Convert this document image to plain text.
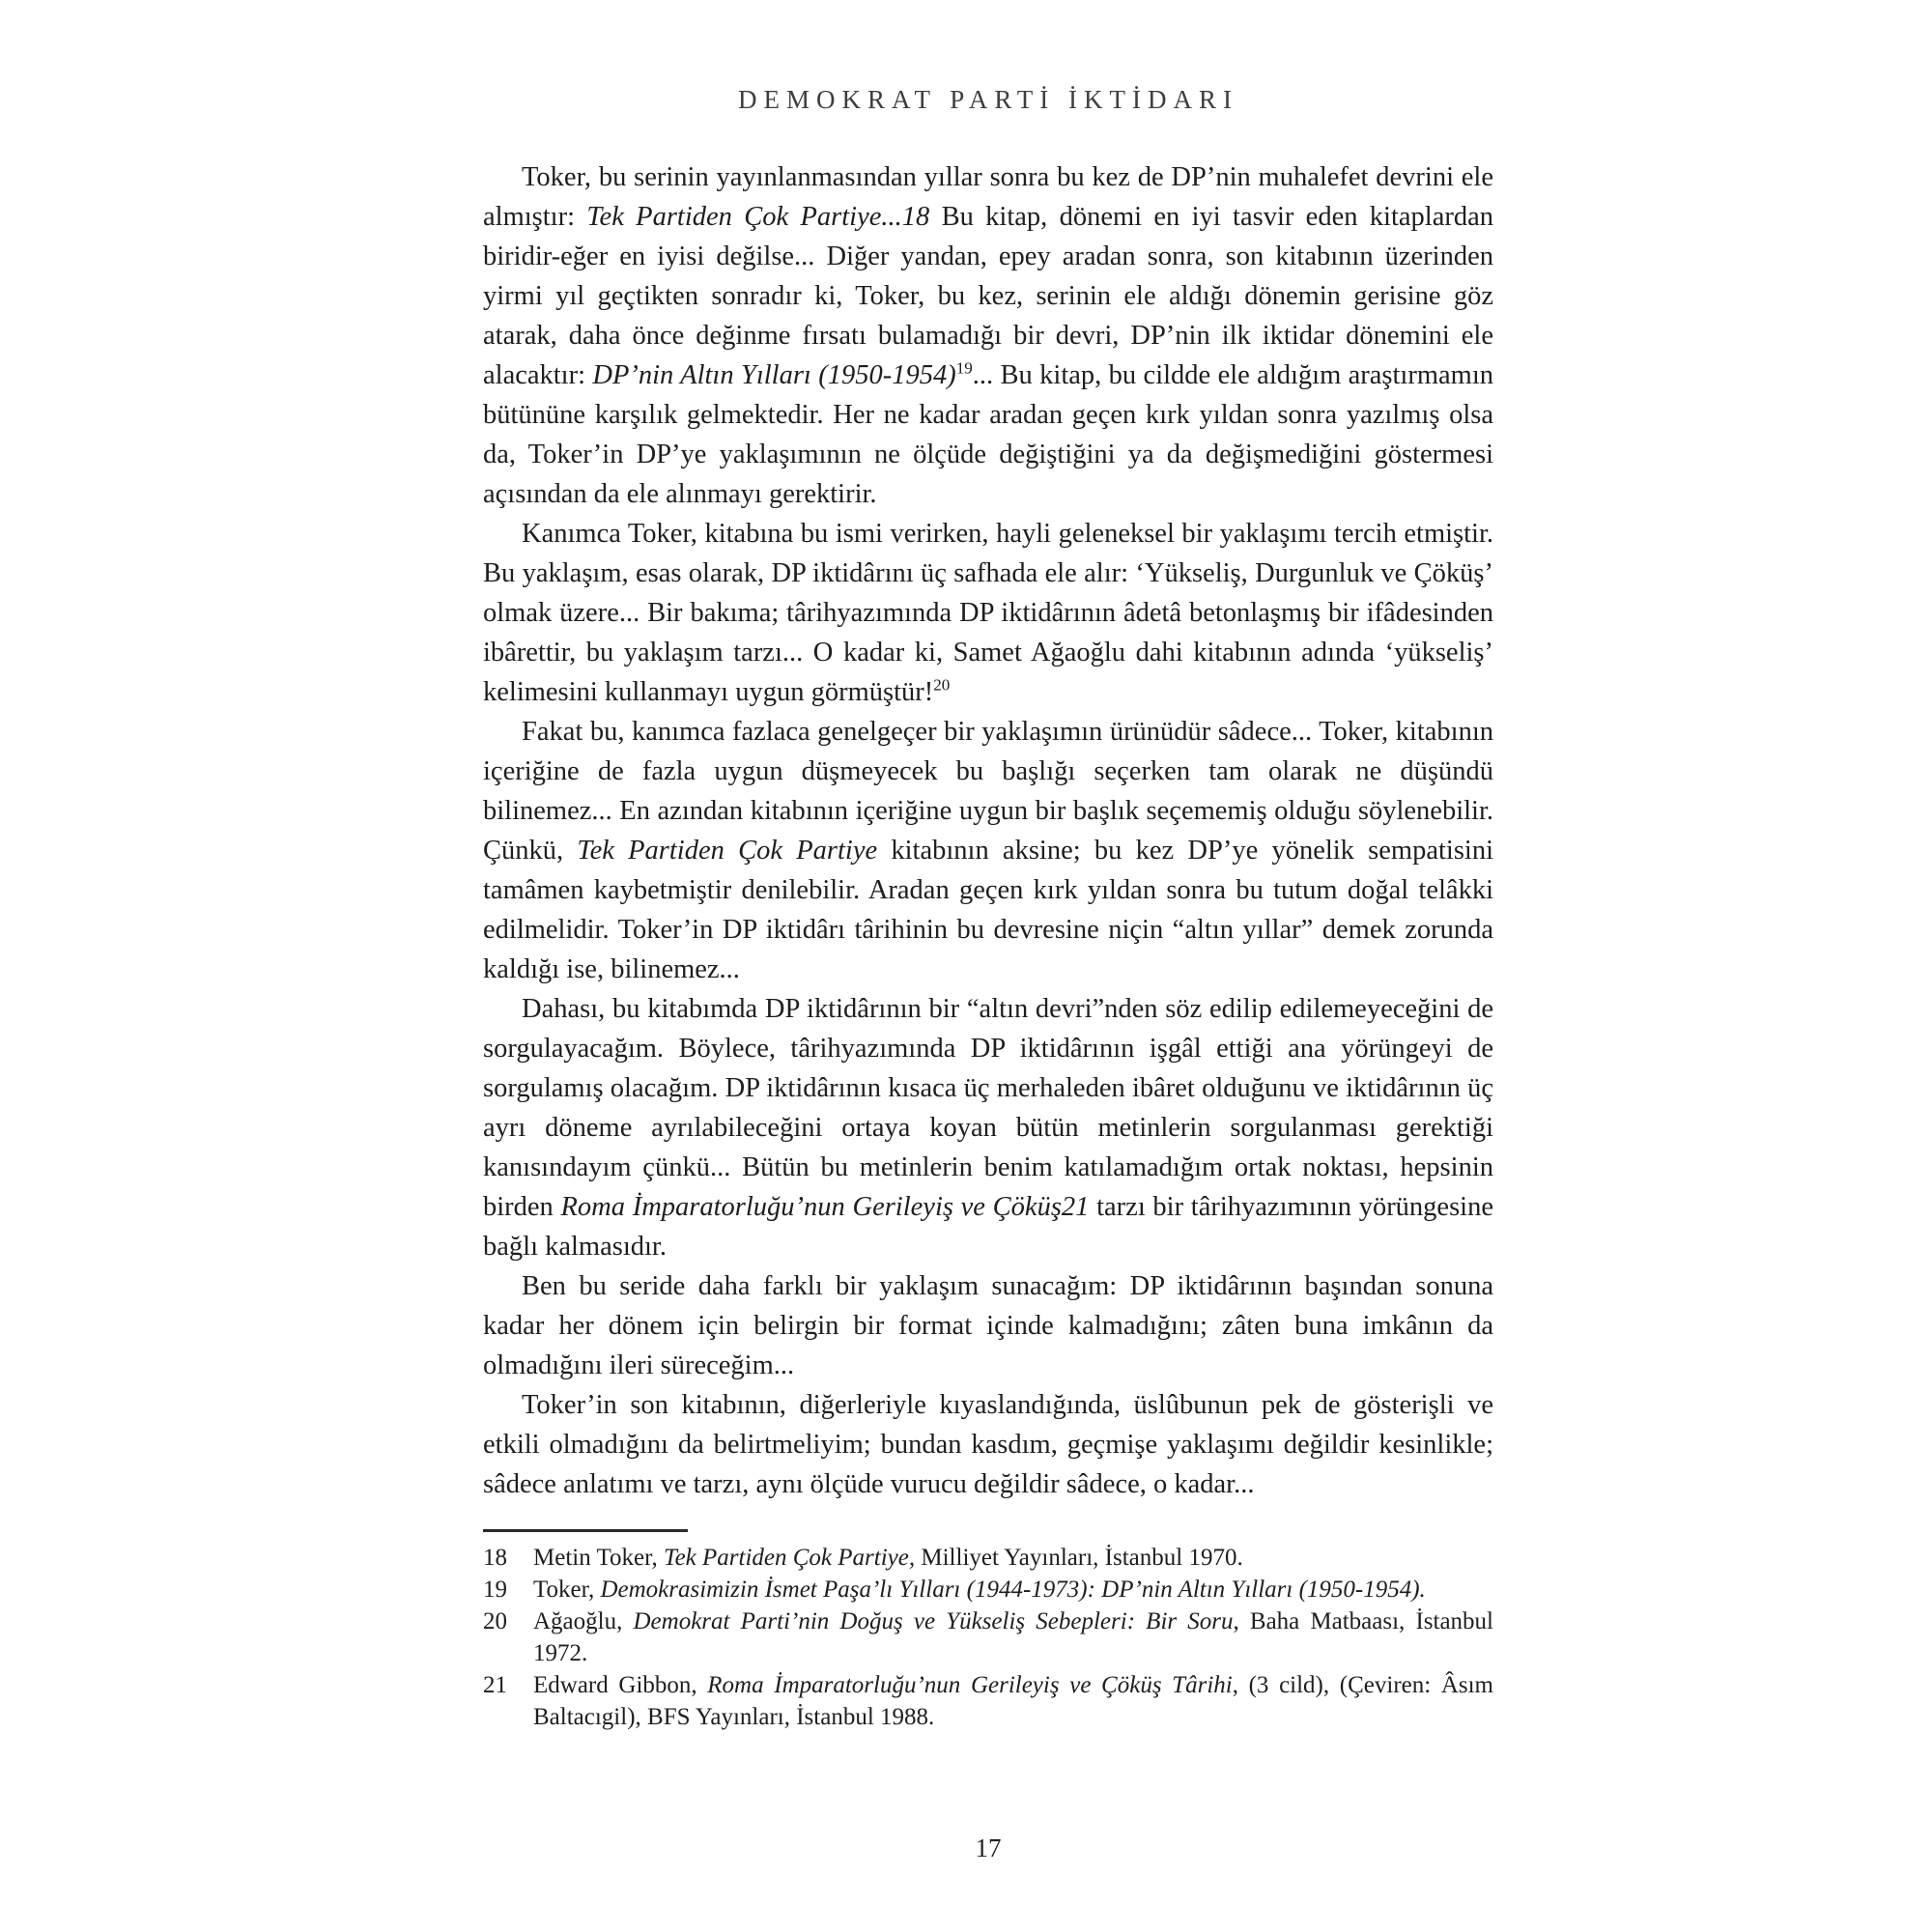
DEMOKRAT PARTİ İKTİDARI

Toker, bu serinin yayınlanmasından yıllar sonra bu kez de DP’nin muhalefet devrini ele almıştır: Tek Partiden Çok Partiye...18 Bu kitap, dönemi en iyi tasvir eden kitaplardan biridir-eğer en iyisi değilse... Diğer yandan, epey aradan sonra, son kitabının üzerinden yirmi yıl geçtikten sonradır ki, Toker, bu kez, serinin ele aldığı dönemin gerisine göz atarak, daha önce değinme fırsatı bulamadığı bir devri, DP’nin ilk iktidar dönemini ele alacaktır: DP’nin Altın Yılları (1950-1954)$^{19}$... Bu kitap, bu cildde ele aldığım araştırmamın bütününe karşılık gelmektedir. Her ne kadar aradan geçen kırk yıldan sonra yazılmış olsa da, Toker’in DP’ye yaklaşımının ne ölçüde değiştiğini ya da değişmediğini göstermesi açısından da ele alınmayı gerektirir.

Kanımca Toker, kitabına bu ismi verirken, hayli geleneksel bir yaklaşımı tercih etmiştir. Bu yaklaşım, esas olarak, DP iktidârını üç safhada ele alır: ‘Yükseliş, Durgunluk ve Çöküş’ olmak üzere... Bir bakıma; târihyazımında DP iktidârının âdetâ betonlaşmış bir ifâdesinden ibârettir, bu yaklaşım tarzı... O kadar ki, Samet Ağaoğlu dahi kitabının adında ‘yükseliş’ kelimesini kullanmayı uygun görmüştür!$^{20}$

Fakat bu, kanımca fazlaca genelgeçer bir yaklaşımın ürünüdür sâdece... Toker, kitabının içeriğine de fazla uygun düşmeyecek bu başlığı seçerken tam olarak ne düşündü bilinemez... En azından kitabının içeriğine uygun bir başlık seçememiş olduğu söylenebilir. Çünkü, Tek Partiden Çok Partiye kitabının aksine; bu kez DP’ye yönelik sempatisini tamâmen kaybetmiştir denilebilir. Aradan geçen kırk yıldan sonra bu tutum doğal telâkki edilmelidir. Toker’in DP iktidârı târihinin bu devresine niçin “altın yıllar” demek zorunda kaldığı ise, bilinemez...

Dahası, bu kitabımda DP iktidârının bir “altın devri”nden söz edilip edilemeyeceğini de sorgulayacağım. Böylece, târihyazımında DP iktidârının işgâl ettiği ana yörüngeyi de sorgulamış olacağım. DP iktidârının kısaca üç merhaleden ibâret olduğunu ve iktidârının üç ayrı döneme ayrılabileceğini ortaya koyan bütün metinlerin sorgulanması gerektiği kanısındayım çünkü... Bütün bu metinlerin benim katılamadığım ortak noktası, hepsinin birden Roma İmparatorluğu’nun Gerileyiş ve Çöküş21 tarzı bir târihyazımının yörüngesine bağlı kalmasıdır.

Ben bu seride daha farklı bir yaklaşım sunacağım: DP iktidârının başından sonuna kadar her dönem için belirgin bir format içinde kalmadığını; zâten buna imkânın da olmadığını ileri süreceğim...

Toker’in son kitabının, diğerleriyle kıyaslandığında, üslûbunun pek de gösterişli ve etkili olmadığını da belirtmeliyim; bundan kasdım, geçmişe yaklaşımı değildir kesinlikle; sâdece anlatımı ve tarzı, aynı ölçüde vurucu değildir sâdece, o kadar...

18 Metin Toker, Tek Partiden Çok Partiye, Milliyet Yayınları, İstanbul 1970.

19 Toker, Demokrasimizin İsmet Paşa’lı Yılları (1944-1973): DP’nin Altın Yılları (1950-1954).

20 Ağaoğlu, Demokrat Parti’nin Doğuş ve Yükseliş Sebepleri: Bir Soru, Baha Matbaası, İstanbul 1972.

21 Edward Gibbon, Roma İmparatorluğu’nun Gerileyiş ve Çöküş Târihi, (3 cild), (Çeviren: Âsım Baltacıgil), BFS Yayınları, İstanbul 1988.

17
